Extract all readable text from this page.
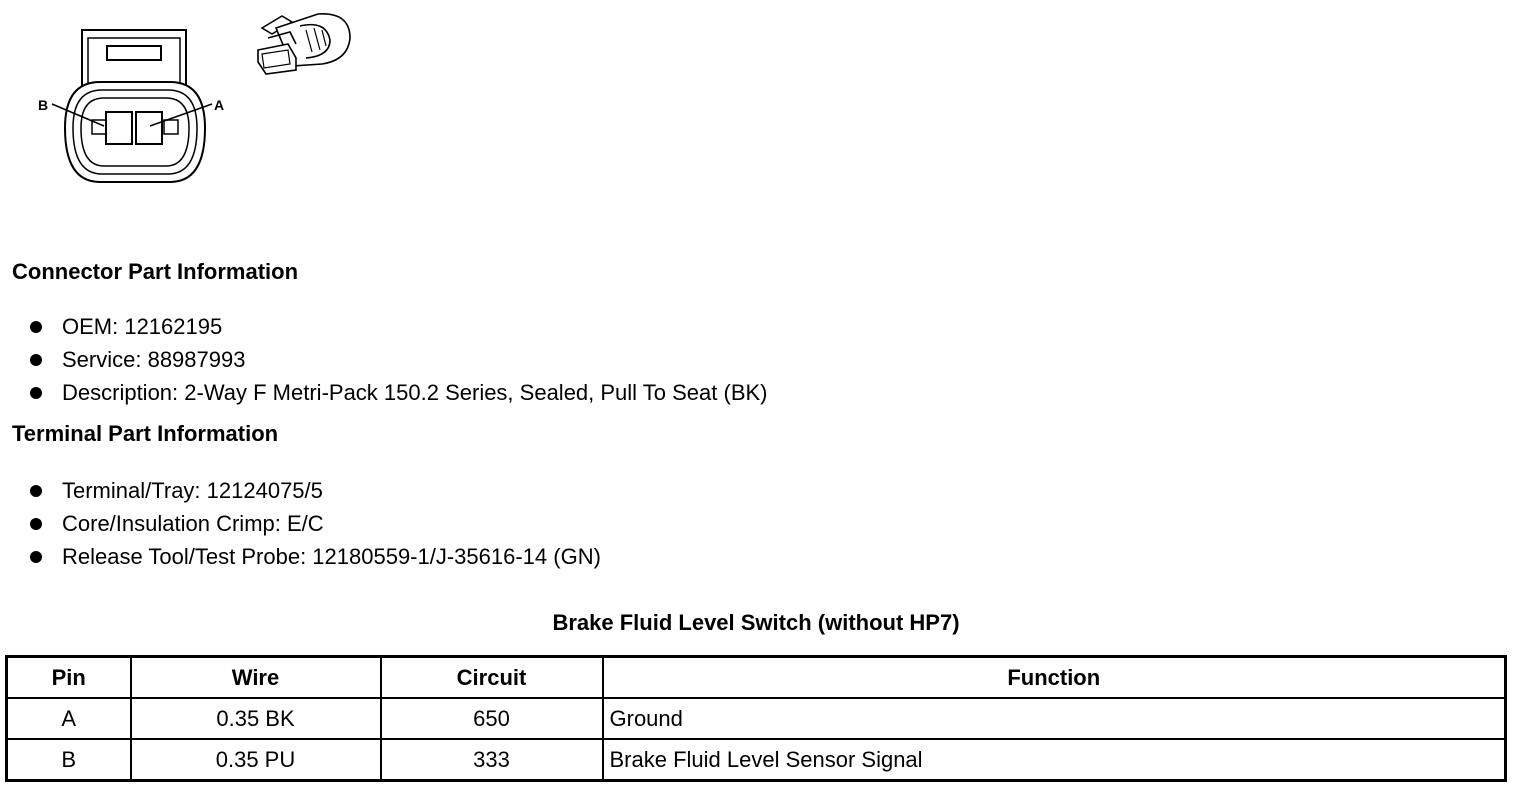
B	A
Connector Part Information
OEM: 12162195
Service: 88987993
Description: 2-Way F Metri-Pack 150.2 Series, Sealed, Pull To Seat (BK)
Terminal Part Information
Terminal/Tray: 12124075/5
Core/Insulation Crimp: E/C
Release Tool/Test Probe: 12180559-1/J-35616-14 (GN)
Brake Fluid Level Switch (without HP7)
Pin	Wire	Circuit	Function
A	0.35 BK	650	Ground
B	0.35 PU	333	Brake Fluid Level Sensor Signal
